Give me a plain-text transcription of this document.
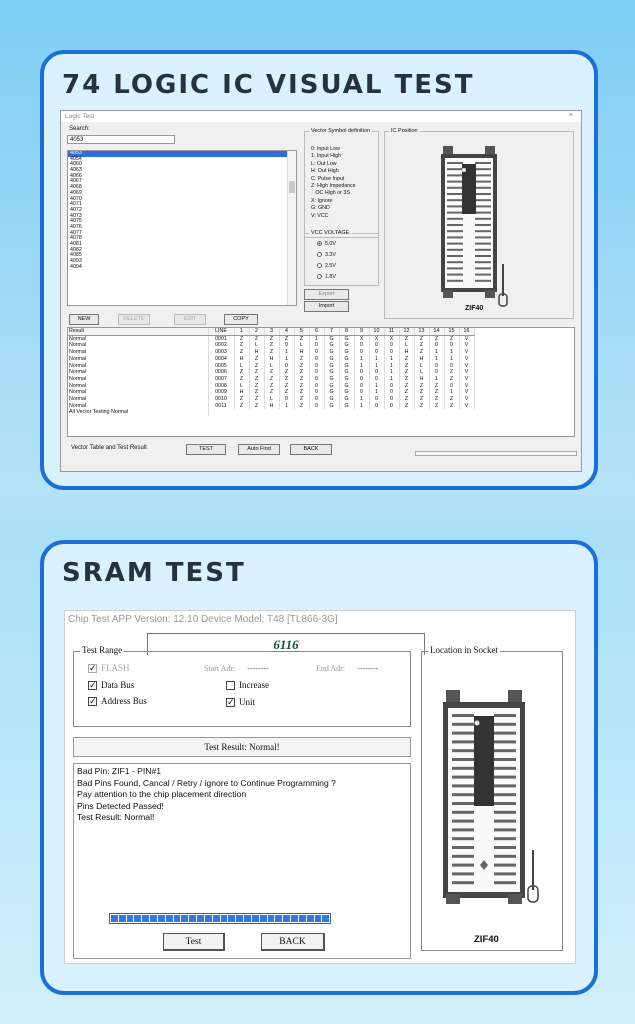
74 LOGIC IC VISUAL TEST
Logic Test	×
Search:
4053
4053
4054
4060
4063
4066
4067
4068
4069
4070
4071
4072
4073
4075
4076
4077
4078
4081
4082
4085
4093
4094
NEW	DELETE	EDIT	COPY
Vector Symbol definition
0: Input Low
1: Input High
L: Out Low
H: Out High
C: Pulse Input
Z: High Impedance
OC High or 3S
X: Ignore
G: GND
V: VCC
VCC VOLTAGE
5.0V
3.3V
2.5V
1.8V
Export
Import
IC Position
ZIF40
Result	LINE	1	2	3	4	5	6	7	8	9	10	11	12	13	14	15	16
Normal	0001	Z	Z	Z	Z	Z	1	G	G	X	X	X	Z	Z	Z	Z	V
Normal	0002	Z	L	Z	0	L	0	G	G	0	0	0	L	Z	0	0	V
Normal	0003	Z	H	Z	1	H	0	G	G	0	0	0	H	Z	1	1	V
Normal	0004	H	Z	H	1	Z	0	G	G	1	1	1	Z	H	1	1	V
Normal	0005	L	Z	L	0	Z	0	G	G	1	1	1	Z	L	0	0	V
Normal	0006	Z	Z	Z	Z	Z	0	G	G	0	0	1	Z	L	0	Z	V
Normal	0007	Z	Z	Z	Z	Z	0	G	G	0	0	1	Z	H	1	Z	V
Normal	0008	L	Z	Z	Z	Z	0	G	G	0	1	0	Z	Z	Z	0	V
Normal	0009	H	Z	Z	Z	Z	0	G	G	0	1	0	Z	Z	Z	1	V
Normal	0010	Z	Z	L	0	Z	0	G	G	1	0	0	Z	Z	Z	Z	V
Normal	0011	Z	Z	H	1	Z	0	G	G	1	0	0	Z	Z	Z	Z	V
All Vector Testing Normal																	
Vector Table and Test Result	TEST	Auto Find	BACK
SRAM TEST
Chip Test APP Version: 12.10 Device Model: T48 [TL866-3G]
6116
Test Range
✓FLASH	Start Adr: --------	End Adr: --------
✓Data Bus
✓Address Bus
Increase
✓Unit
Test Result: Normal!
Bad Pin: ZIF1 - PIN#1
Bad Pins Found, Cancal / Retry / ignore to Continue Programming ?
Pay attention to the chip placement direction
Pins Detected Passed!
Test Result: Normal!
Test	BACK
Location in Socket
ZIF40
